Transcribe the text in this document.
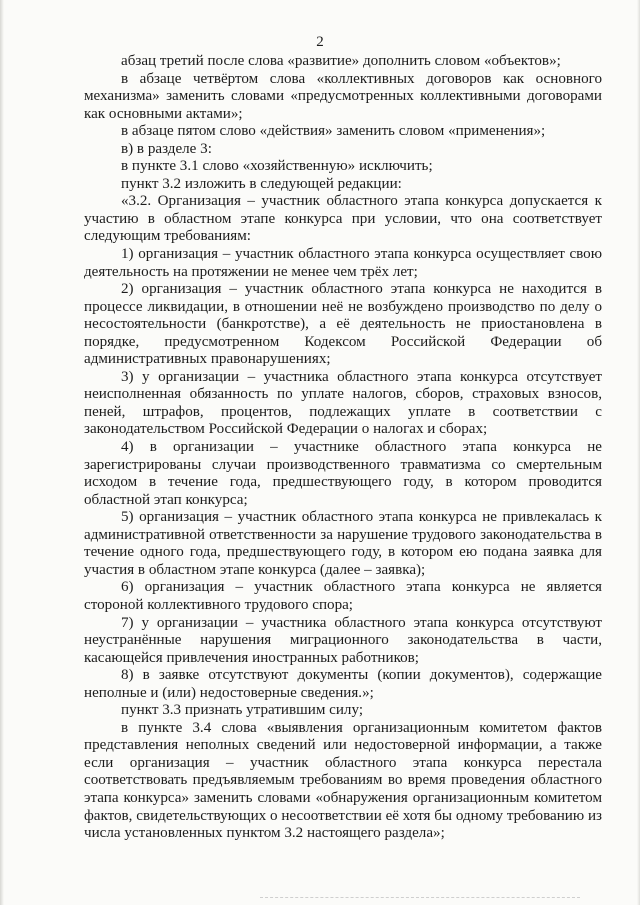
2

абзац третий после слова «развитие» дополнить словом «объектов»;

в абзаце четвёртом слова «коллективных договоров как основного механизма» заменить словами «предусмотренных коллективными договорами как основными актами»;

в абзаце пятом слово «действия» заменить словом «применения»;

в) в разделе 3:

в пункте 3.1 слово «хозяйственную» исключить;

пункт 3.2 изложить в следующей редакции:

«3.2. Организация – участник областного этапа конкурса допускается к участию в областном этапе конкурса при условии, что она соответствует следующим требованиям:

1) организация – участник областного этапа конкурса осуществляет свою деятельность на протяжении не менее чем трёх лет;

2) организация – участник областного этапа конкурса не находится в процессе ликвидации, в отношении неё не возбуждено производство по делу о несостоятельности (банкротстве), а её деятельность не приостановлена в порядке, предусмотренном Кодексом Российской Федерации об административных правонарушениях;

3) у организации – участника областного этапа конкурса отсутствует неисполненная обязанность по уплате налогов, сборов, страховых взносов, пеней, штрафов, процентов, подлежащих уплате в соответствии с законодательством Российской Федерации о налогах и сборах;

4) в организации – участнике областного этапа конкурса не зарегистрированы случаи производственного травматизма со смертельным исходом в течение года, предшествующего году, в котором проводится областной этап конкурса;

5) организация – участник областного этапа конкурса не привлекалась к административной ответственности за нарушение трудового законодательства в течение одного года, предшествующего году, в котором ею подана заявка для участия в областном этапе конкурса (далее – заявка);

6) организация – участник областного этапа конкурса не является стороной коллективного трудового спора;

7) у организации – участника областного этапа конкурса отсутствуют неустранённые нарушения миграционного законодательства в части, касающейся привлечения иностранных работников;

8) в заявке отсутствуют документы (копии документов), содержащие неполные и (или) недостоверные сведения.»;

пункт 3.3 признать утратившим силу;

в пункте 3.4 слова «выявления организационным комитетом фактов представления неполных сведений или недостоверной информации, а также если организация – участник областного этапа конкурса перестала соответствовать предъявляемым требованиям во время проведения областного этапа конкурса» заменить словами «обнаружения организационным комитетом фактов, свидетельствующих о несоответствии её хотя бы одному требованию из числа установленных пунктом 3.2 настоящего раздела»;
